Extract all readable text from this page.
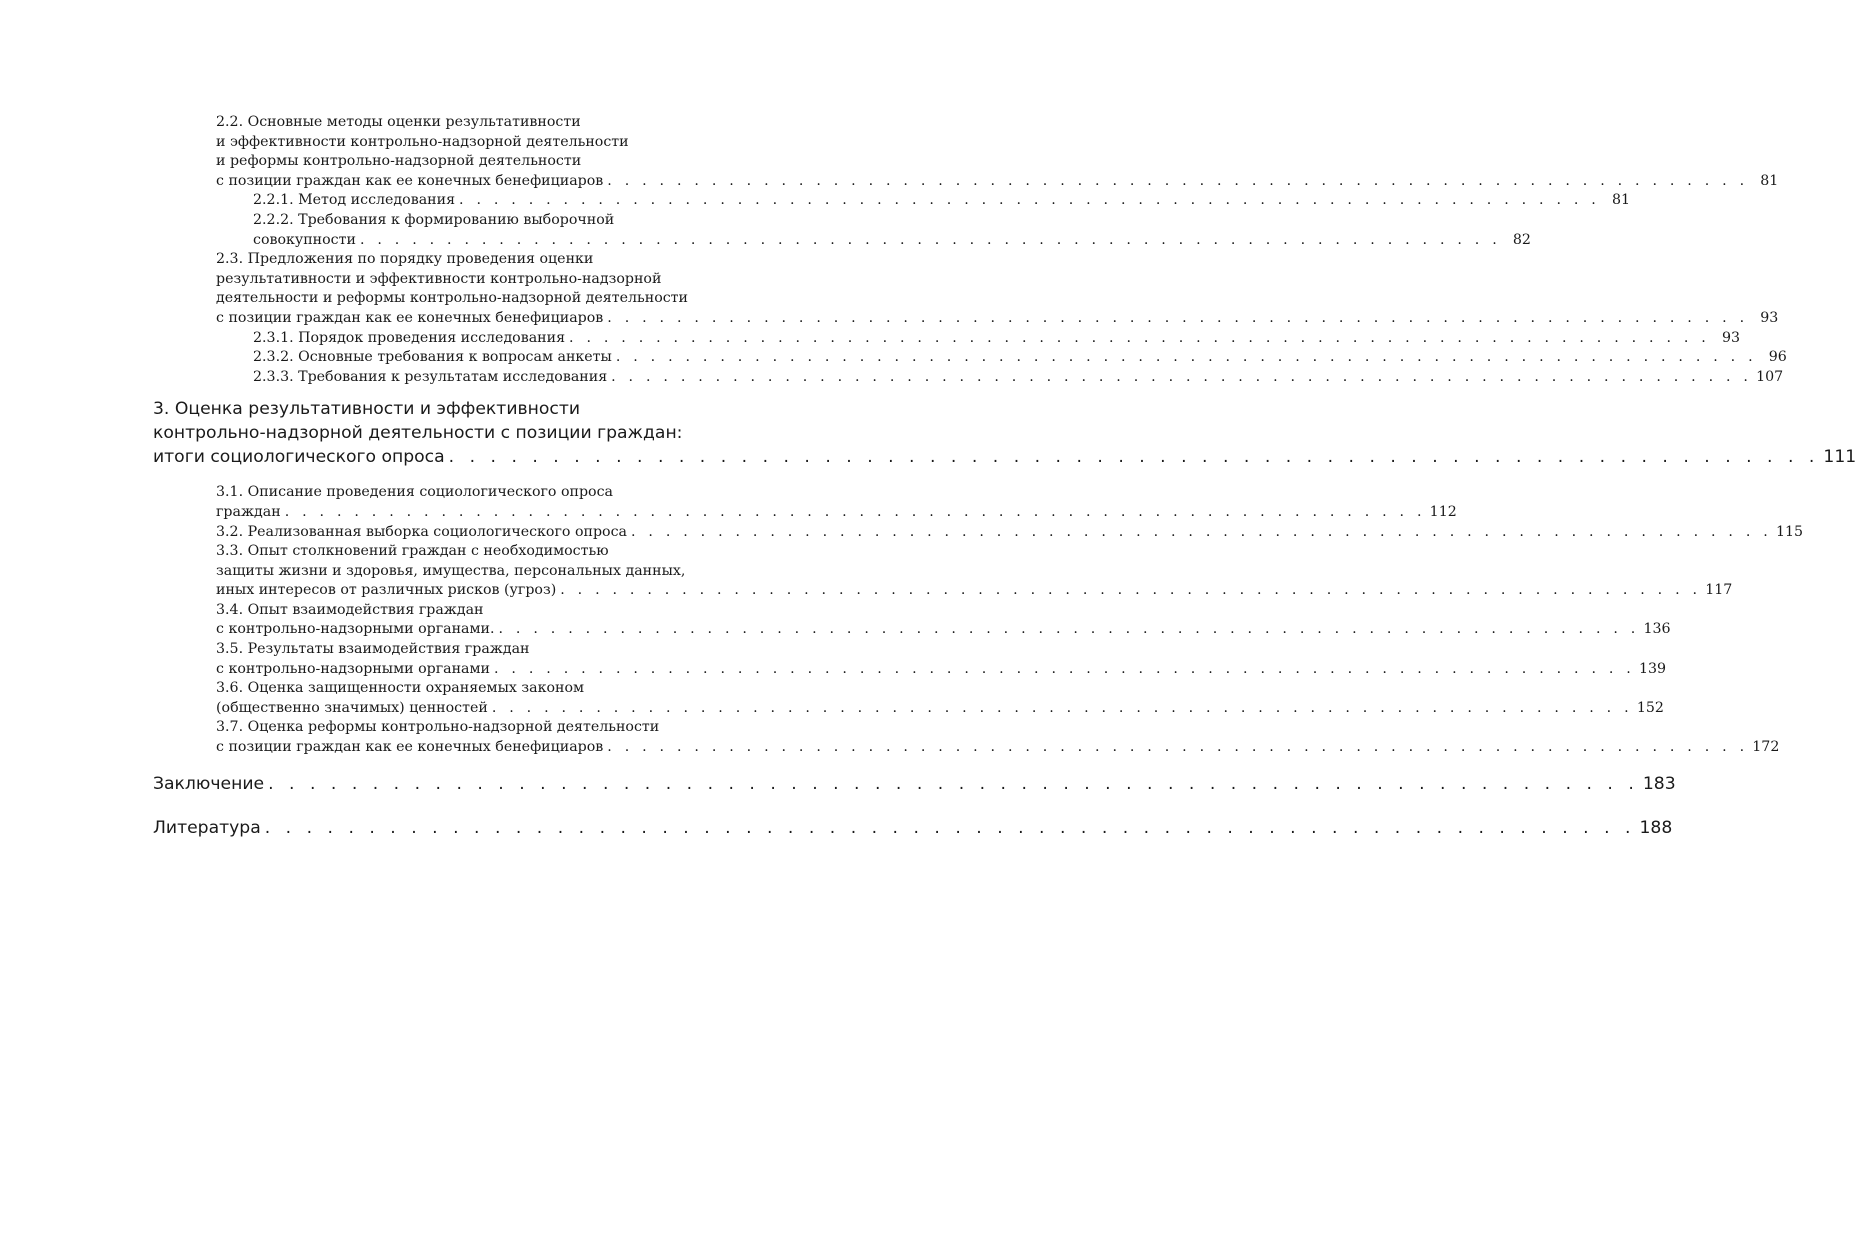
2.2. Основные методы оценки результативности
и эффективности контрольно-надзорной деятельности
и реформы контрольно-надзорной деятельности
с позиции граждан как ее конечных бенефициаров . . . . . . . . . . . . . . . . . . . . . . . . . . . . . . . . . . . . . . . . . . . . . . . . . . . . . . . . . . . . . . . . . . 81
2.2.1. Метод исследования . . . . . . . . . . . . . . . . . . . . . . . . . . . . . . . . . . . . . . . . . . . . . . . . . . . . . . . . . . . . . . . . . . 81
2.2.2. Требования к формированию выборочной
совокупности . . . . . . . . . . . . . . . . . . . . . . . . . . . . . . . . . . . . . . . . . . . . . . . . . . . . . . . . . . . . . . . . . . 82
2.3. Предложения по порядку проведения оценки
результативности и эффективности контрольно-надзорной
деятельности и реформы контрольно-надзорной деятельности
с позиции граждан как ее конечных бенефициаров . . . . . . . . . . . . . . . . . . . . . . . . . . . . . . . . . . . . . . . . . . . . . . . . . . . . . . . . . . . . . . . . . . 93
2.3.1. Порядок проведения исследования . . . . . . . . . . . . . . . . . . . . . . . . . . . . . . . . . . . . . . . . . . . . . . . . . . . . . . . . . . . . . . . . . . 93
2.3.2. Основные требования к вопросам анкеты . . . . . . . . . . . . . . . . . . . . . . . . . . . . . . . . . . . . . . . . . . . . . . . . . . . . . . . . . . . . . . . . . . 96
2.3.3. Требования к результатам исследования . . . . . . . . . . . . . . . . . . . . . . . . . . . . . . . . . . . . . . . . . . . . . . . . . . . . . . . . . . . . . . . . . . 107
3. Оценка результативности и эффективности
контрольно-надзорной деятельности с позиции граждан:
итоги социологического опроса . . . . . . . . . . . . . . . . . . . . . . . . . . . . . . . . . . . . . . . . . . . . . . . . . . . . . . . . . . . . . . . . . . 111
3.1. Описание проведения социологического опроса
граждан . . . . . . . . . . . . . . . . . . . . . . . . . . . . . . . . . . . . . . . . . . . . . . . . . . . . . . . . . . . . . . . . . . 112
3.2. Реализованная выборка социологического опроса . . . . . . . . . . . . . . . . . . . . . . . . . . . . . . . . . . . . . . . . . . . . . . . . . . . . . . . . . . . . . . . . . . 115
3.3. Опыт столкновений граждан с необходимостью
защиты жизни и здоровья, имущества, персональных данных,
иных интересов от различных рисков (угроз) . . . . . . . . . . . . . . . . . . . . . . . . . . . . . . . . . . . . . . . . . . . . . . . . . . . . . . . . . . . . . . . . . . 117
3.4. Опыт взаимодействия граждан
с контрольно-надзорными органами. . . . . . . . . . . . . . . . . . . . . . . . . . . . . . . . . . . . . . . . . . . . . . . . . . . . . . . . . . . . . . . . . . . 136
3.5. Результаты взаимодействия граждан
с контрольно-надзорными органами . . . . . . . . . . . . . . . . . . . . . . . . . . . . . . . . . . . . . . . . . . . . . . . . . . . . . . . . . . . . . . . . . . 139
3.6. Оценка защищенности охраняемых законом
(общественно значимых) ценностей . . . . . . . . . . . . . . . . . . . . . . . . . . . . . . . . . . . . . . . . . . . . . . . . . . . . . . . . . . . . . . . . . . 152
3.7. Оценка реформы контрольно-надзорной деятельности
с позиции граждан как ее конечных бенефициаров . . . . . . . . . . . . . . . . . . . . . . . . . . . . . . . . . . . . . . . . . . . . . . . . . . . . . . . . . . . . . . . . . . 172
Заключение . . . . . . . . . . . . . . . . . . . . . . . . . . . . . . . . . . . . . . . . . . . . . . . . . . . . . . . . . . . . . . . . . . 183
Литература . . . . . . . . . . . . . . . . . . . . . . . . . . . . . . . . . . . . . . . . . . . . . . . . . . . . . . . . . . . . . . . . . . 188
